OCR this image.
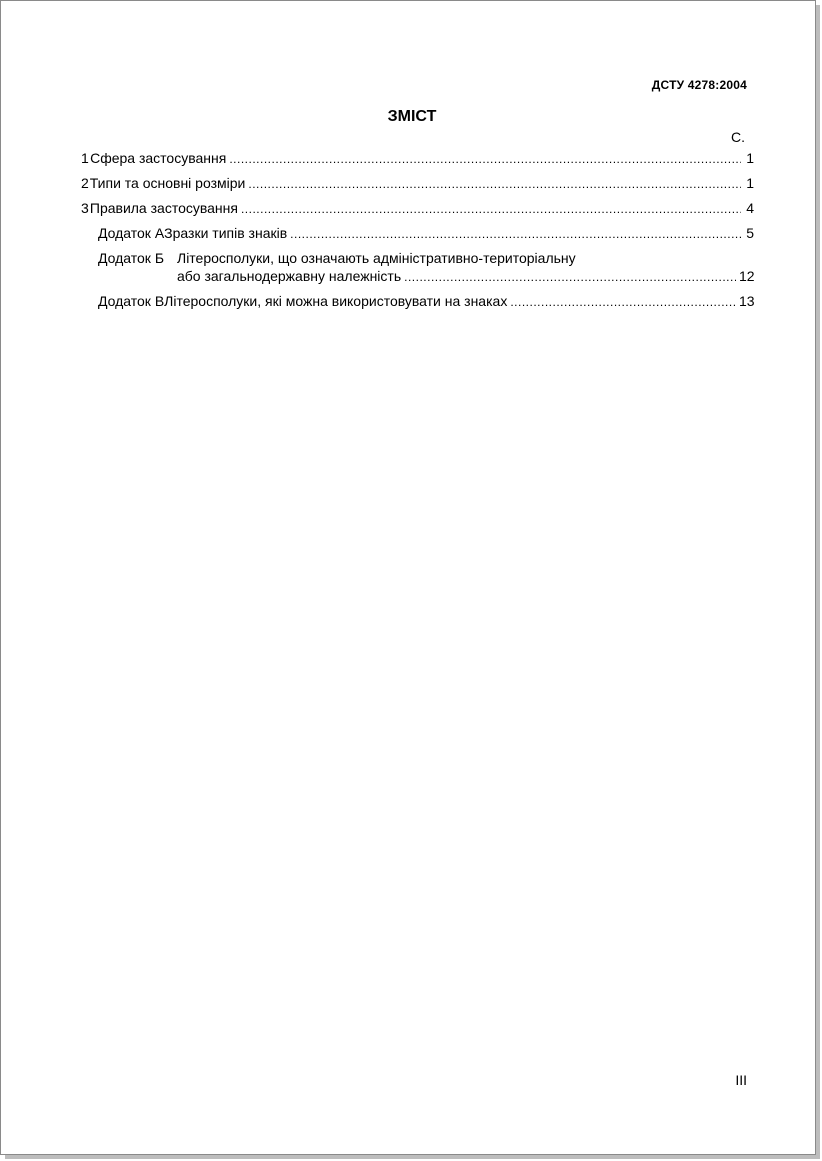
ДСТУ 4278:2004
ЗМІСТ
С.
1 Сфера застосування .....	1
2 Типи та основні розміри .....	1
3 Правила застосування .....	4
Додаток А Зразки типів знаків .....	5
Додаток Б Літеросполуки, що означають адміністративно-територіальну
або загальнодержавну належність .....	12
Додаток В Літеросполуки, які можна використовувати на знаках .....	13
III
